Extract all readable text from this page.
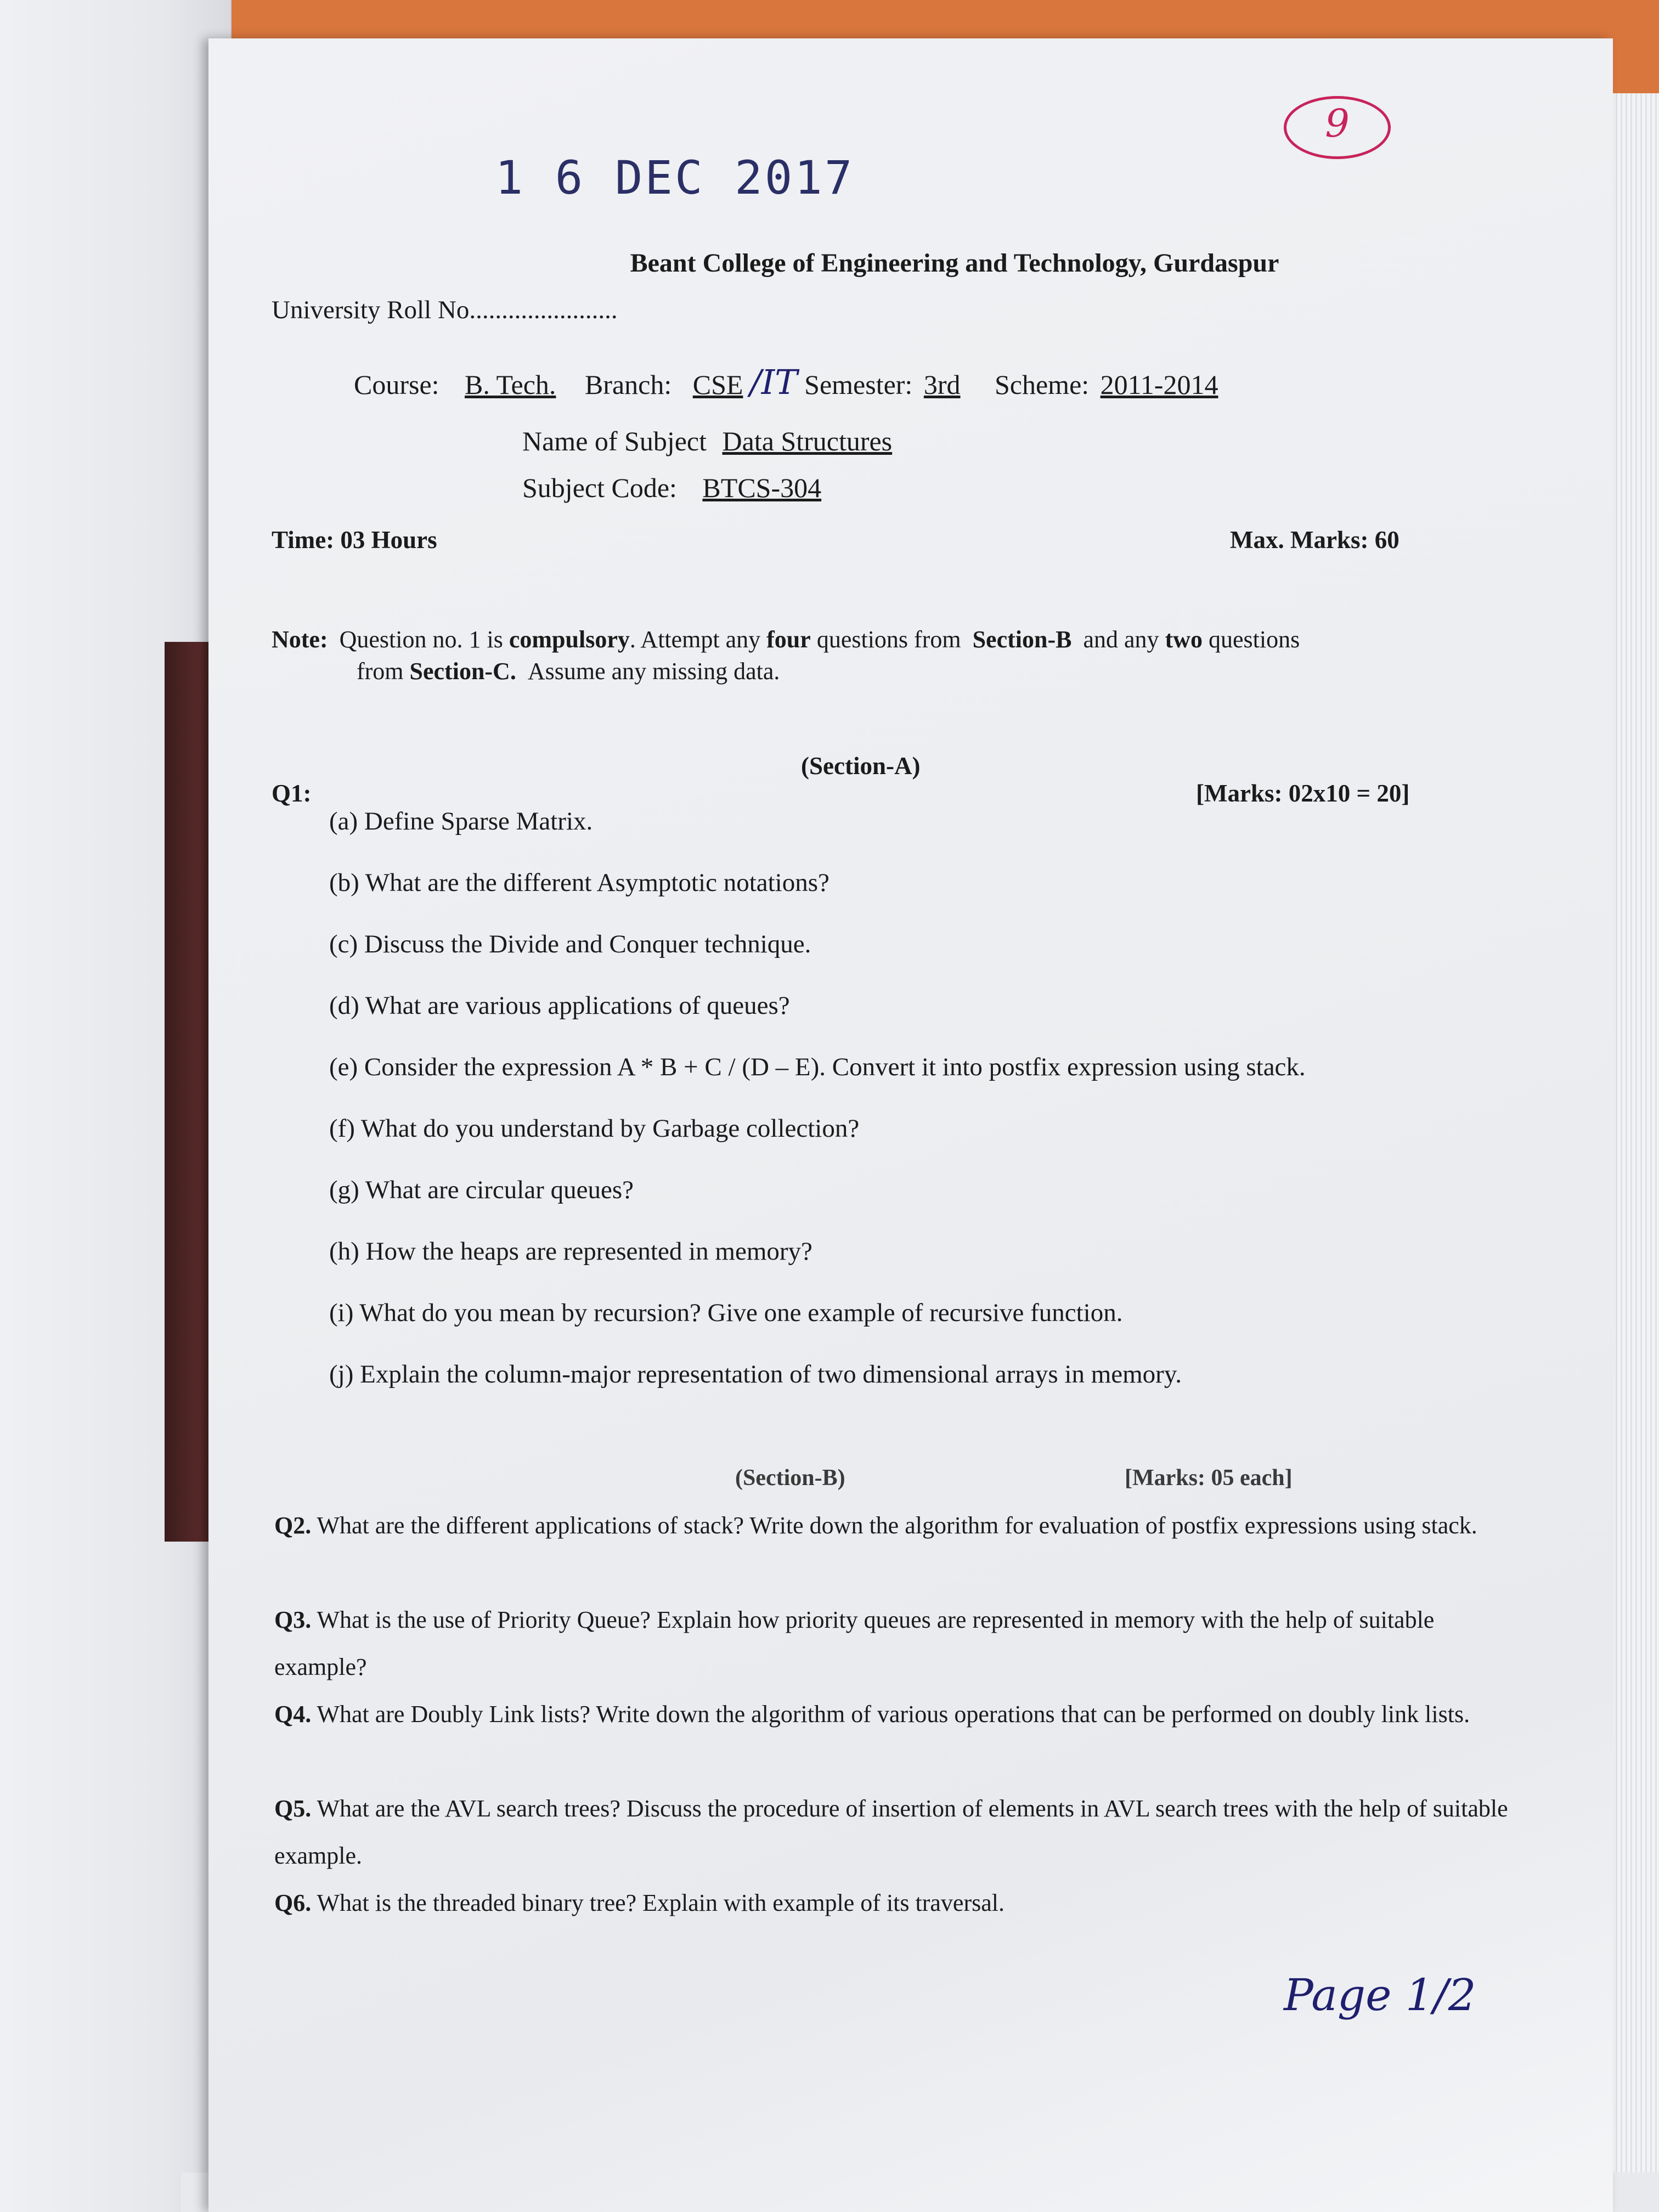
9
1 6 DEC 2017
Beant College of Engineering and Technology, Gurdaspur
University Roll No.......................
Course: B. Tech. Branch: CSE /IT Semester: 3rd Scheme: 2011-2014
Name of Subject Data Structures
Subject Code: BTCS-304
Time: 03 Hours	Max. Marks: 60
Note: Question no. 1 is compulsory. Attempt any four questions from Section-B and any two questions
from Section-C. Assume any missing data.
(Section-A)
Q1:	[Marks: 02x10 = 20]
(a) Define Sparse Matrix.
(b) What are the different Asymptotic notations?
(c) Discuss the Divide and Conquer technique.
(d) What are various applications of queues?
(e) Consider the expression A * B + C / (D – E). Convert it into postfix expression using stack.
(f) What do you understand by Garbage collection?
(g) What are circular queues?
(h) How the heaps are represented in memory?
(i) What do you mean by recursion? Give one example of recursive function.
(j) Explain the column-major representation of two dimensional arrays in memory.
(Section-B)	[Marks: 05 each]
Q2. What are the different applications of stack? Write down the algorithm for evaluation of postfix expressions using stack.
Q3. What is the use of Priority Queue? Explain how priority queues are represented in memory with the help of suitable example?
Q4. What are Doubly Link lists? Write down the algorithm of various operations that can be performed on doubly link lists.
Q5. What are the AVL search trees? Discuss the procedure of insertion of elements in AVL search trees with the help of suitable example.
Q6. What is the threaded binary tree? Explain with example of its traversal.
Page 1/2
